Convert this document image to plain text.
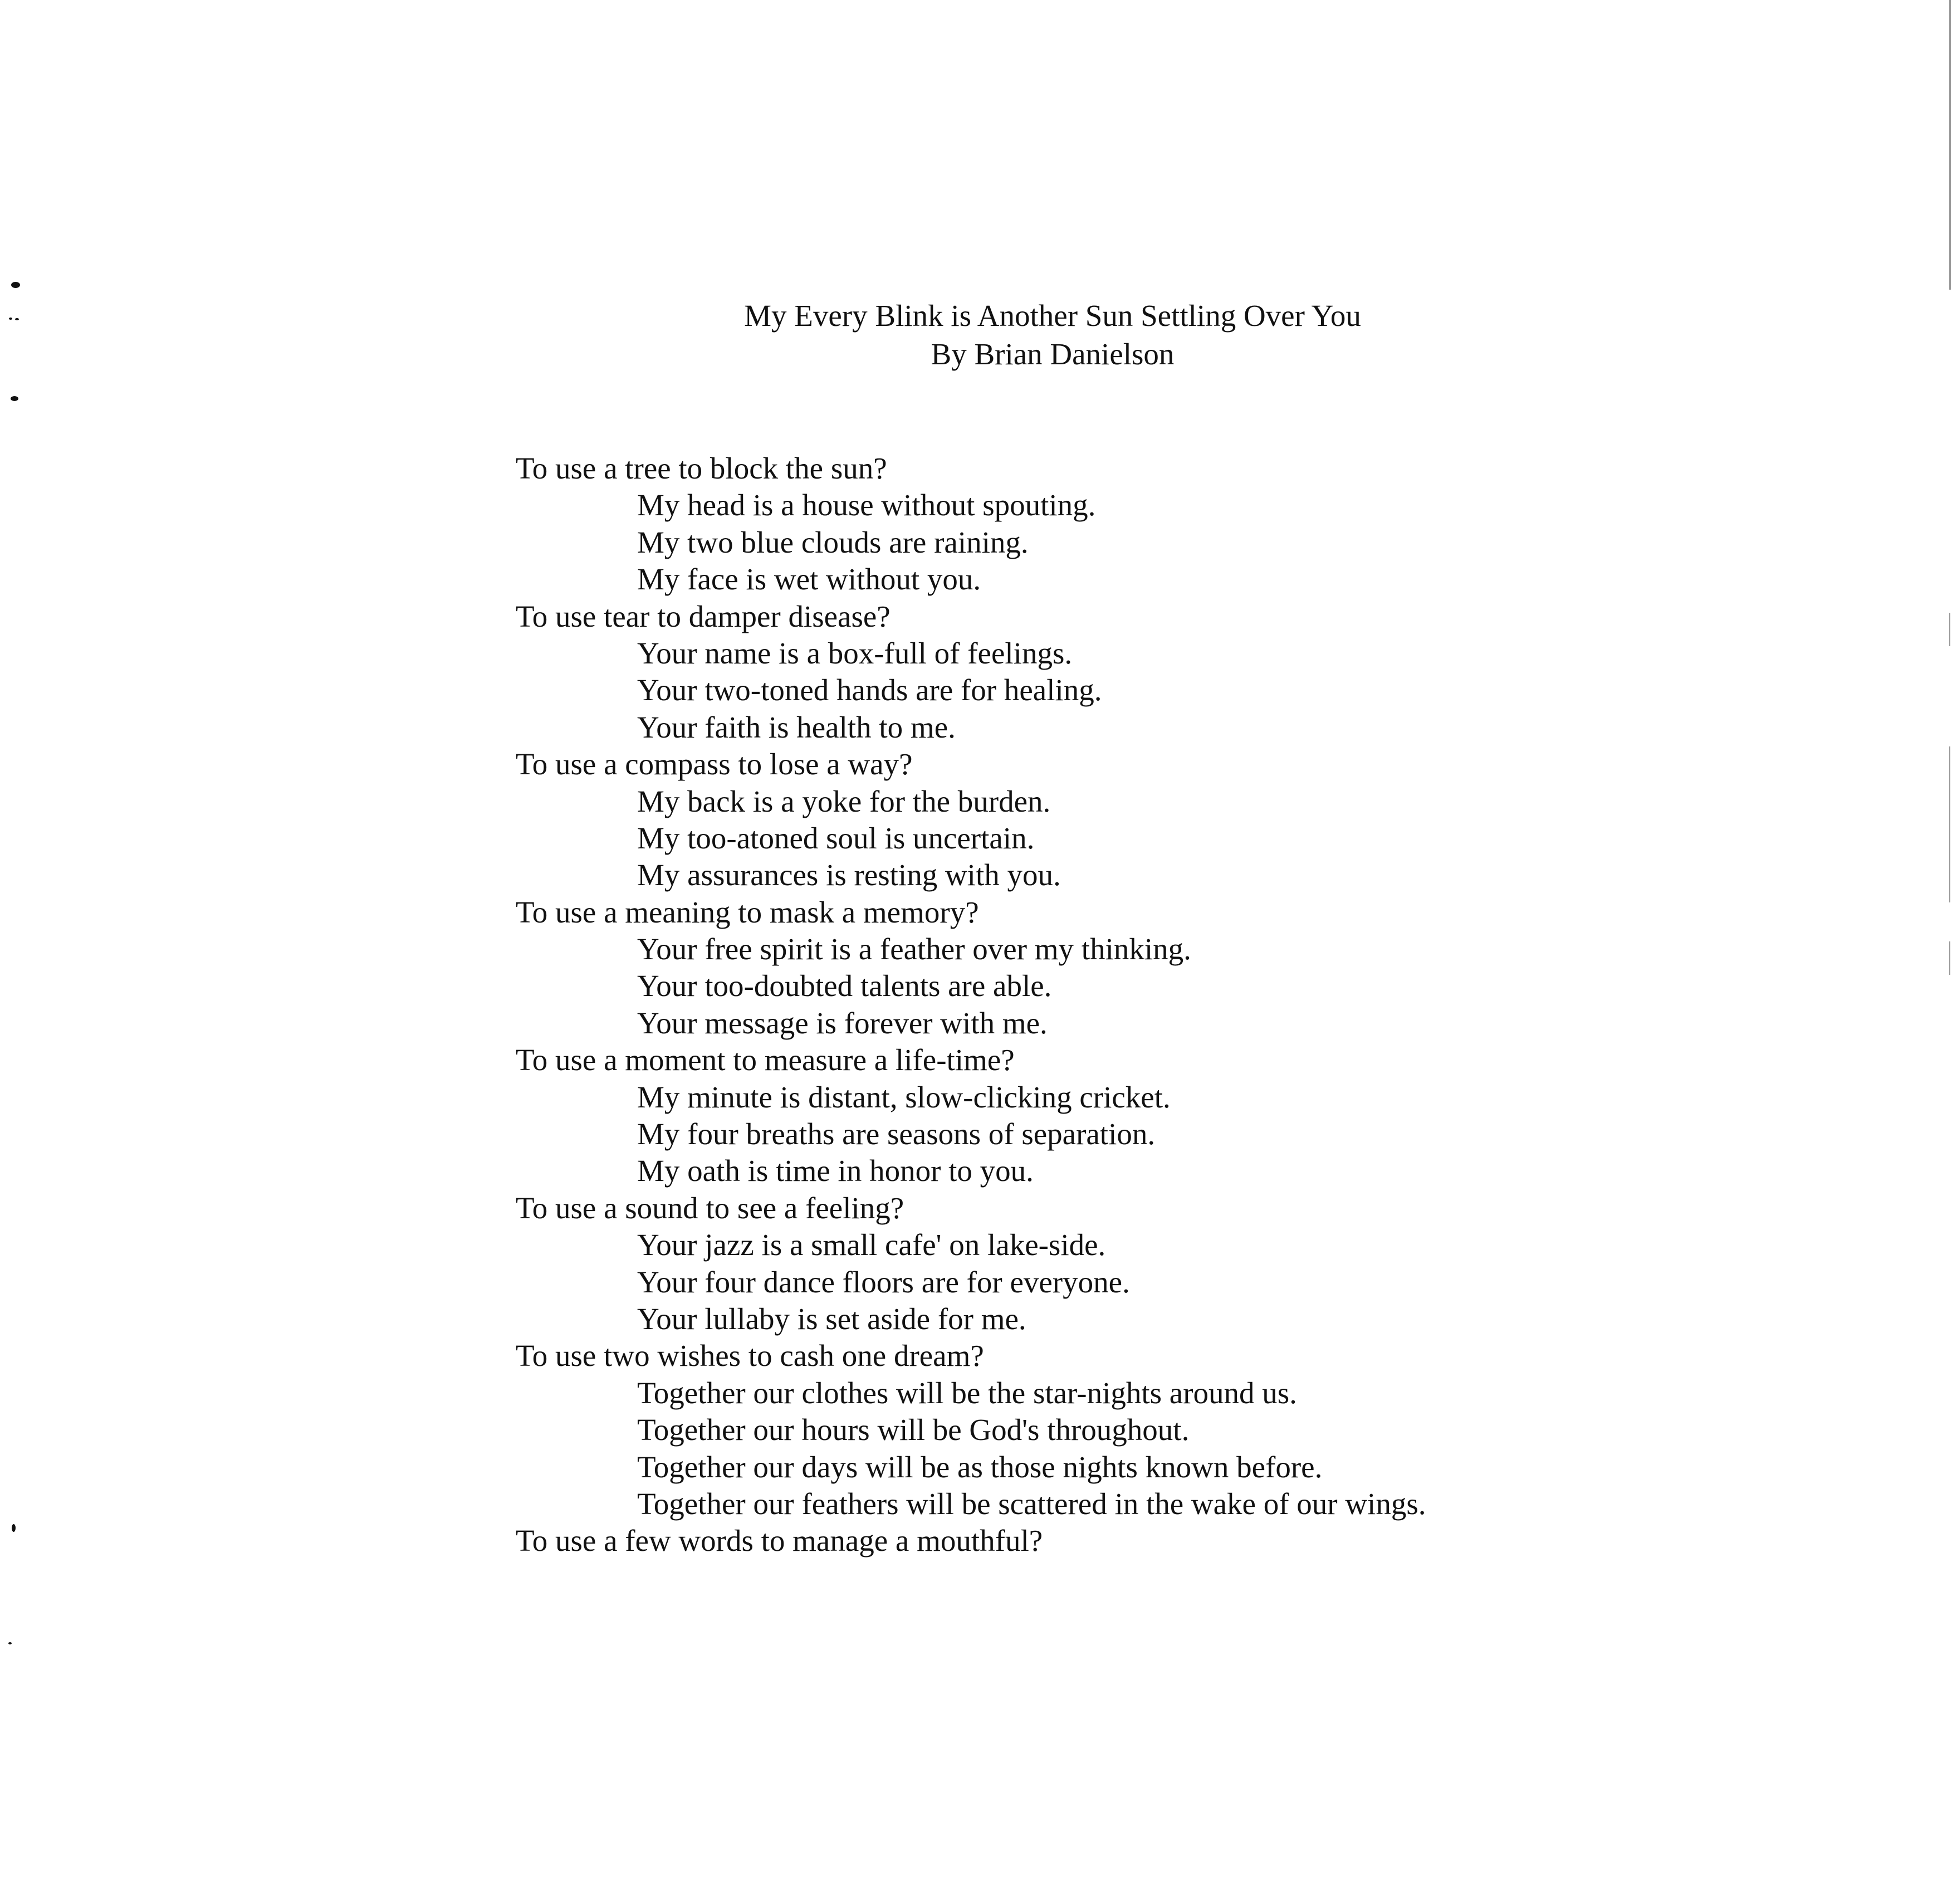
My Every Blink is Another Sun Settling Over You
By Brian Danielson
To use a tree to block the sun?
My head is a house without spouting.
My two blue clouds are raining.
My face is wet without you.
To use tear to damper disease?
Your name is a box-full of feelings.
Your two-toned hands are for healing.
Your faith is health to me.
To use a compass to lose a way?
My back is a yoke for the burden.
My too-atoned soul is uncertain.
My assurances is resting with you.
To use a meaning to mask a memory?
Your free spirit is a feather over my thinking.
Your too-doubted talents are able.
Your message is forever with me.
To use a moment to measure a life-time?
My minute is distant, slow-clicking cricket.
My four breaths are seasons of separation.
My oath is time in honor to you.
To use a sound to see a feeling?
Your jazz is a small cafe' on lake-side.
Your four dance floors are for everyone.
Your lullaby is set aside for me.
To use two wishes to cash one dream?
Together our clothes will be the star-nights around us.
Together our hours will be God's throughout.
Together our days will be as those nights known before.
Together our feathers will be scattered in the wake of our wings.
To use a few words to manage a mouthful?
